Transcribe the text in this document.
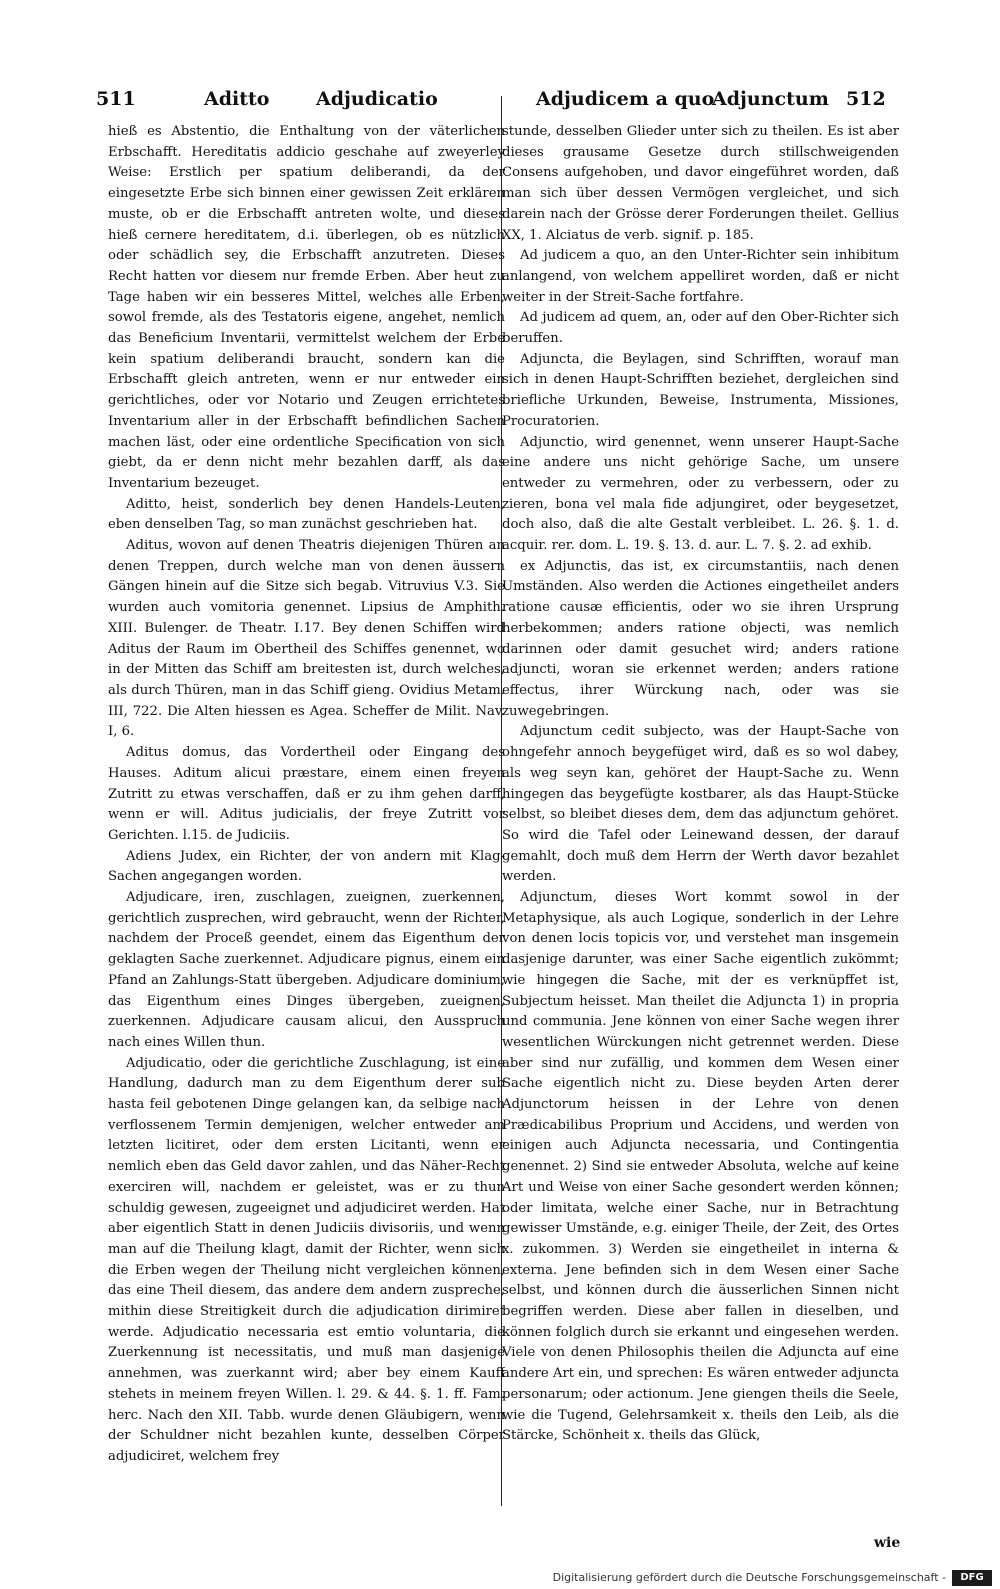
511	Aditto Adjudicatio	Adjudicem a quo
Adjunctum 512

hieß es Abstentio, die Enthaltung von der väterlichen Erbschafft. Hereditatis addicio geschahe auf zweyerley Weise: Erstlich per spatium deliberandi, da der eingesetzte Erbe sich binnen einer gewissen Zeit erklären muste, ob er die Erbschafft antreten wolte, und dieses hieß cernere hereditatem, d.i. überlegen, ob es nützlich oder schädlich sey, die Erbschafft anzutreten. Dieses Recht hatten vor diesem nur fremde Erben. Aber heut zu Tage haben wir ein besseres Mittel, welches alle Erben, sowol fremde, als des Testatoris eigene, angehet, nemlich das Beneficium Inventarii, vermittelst welchem der Erbe kein spatium deliberandi braucht, sondern kan die Erbschafft gleich antreten, wenn er nur entweder ein gerichtliches, oder vor Notario und Zeugen errichtetes Inventarium aller in der Erbschafft befindlichen Sachen machen läst, oder eine ordentliche Specification von sich giebt, da er denn nicht mehr bezahlen darff, als das Inventarium bezeuget.

Aditto, heist, sonderlich bey denen Handels-Leuten, eben denselben Tag, so man zunächst geschrieben hat.

Aditus, wovon auf denen Theatris diejenigen Thüren an denen Treppen, durch welche man von denen äussern Gängen hinein auf die Sitze sich begab. Vitruvius V.3. Sie wurden auch vomitoria genennet. Lipsius de Amphith. XIII. Bulenger. de Theatr. I.17. Bey denen Schiffen wird Aditus der Raum im Obertheil des Schiffes genennet, wo in der Mitten das Schiff am breitesten ist, durch welches, als durch Thüren, man in das Schiff gieng. Ovidius Metam. III, 722. Die Alten hiessen es Agea. Scheffer de Milit. Nav. I, 6.

Aditus domus, das Vordertheil oder Eingang des Hauses. Aditum alicui præstare, einem einen freyen Zutritt zu etwas verschaffen, daß er zu ihm gehen darff, wenn er will. Aditus judicialis, der freye Zutritt vor Gerichten. l.15. de Judiciis.

Adiens Judex, ein Richter, der von andern mit Klag-Sachen angegangen worden.

Adjudicare, iren, zuschlagen, zueignen, zuerkennen, gerichtlich zusprechen, wird gebraucht, wenn der Richter, nachdem der Proceß geendet, einem das Eigenthum der geklagten Sache zuerkennet. Adjudicare pignus, einem ein Pfand an Zahlungs-Statt übergeben. Adjudicare dominium, das Eigenthum eines Dinges übergeben, zueignen, zuerkennen. Adjudicare causam alicui, den Ausspruch nach eines Willen thun.

Adjudicatio, oder die gerichtliche Zuschlagung, ist eine Handlung, dadurch man zu dem Eigenthum derer sub hasta feil gebotenen Dinge gelangen kan, da selbige nach verflossenem Termin demjenigen, welcher entweder am letzten licitiret, oder dem ersten Licitanti, wenn er nemlich eben das Geld davor zahlen, und das Näher-Recht exerciren will, nachdem er geleistet, was er zu thun schuldig gewesen, zugeeignet und adjudiciret werden. Hat aber eigentlich Statt in denen Judiciis divisoriis, und wenn man auf die Theilung klagt, damit der Richter, wenn sich die Erben wegen der Theilung nicht vergleichen können, das eine Theil diesem, das andere dem andern zuspreche, mithin diese Streitigkeit durch die adjudication dirimiret werde. Adjudicatio necessaria est emtio voluntaria, die Zuerkennung ist necessitatis, und muß man dasjenige annehmen, was zuerkannt wird; aber bey einem Kauff stehets in meinem freyen Willen. l. 29. & 44. §. 1. ff. Fam. herc. Nach den XII. Tabb. wurde denen Gläubigern, wenn der Schuldner nicht bezahlen kunte, desselben Cörper adjudiciret, welchem frey

stunde, desselben Glieder unter sich zu theilen. Es ist aber dieses grausame Gesetze durch stillschweigenden Consens aufgehoben, und davor eingeführet worden, daß man sich über dessen Vermögen vergleichet, und sich darein nach der Grösse derer Forderungen theilet. Gellius XX, 1. Alciatus de verb. signif. p. 185.

Ad judicem a quo, an den Unter-Richter sein inhibitum anlangend, von welchem appelliret worden, daß er nicht weiter in der Streit-Sache fortfahre.

Ad judicem ad quem, an, oder auf den Ober-Richter sich beruffen.

Adjuncta, die Beylagen, sind Schrifften, worauf man sich in denen Haupt-Schrifften beziehet, dergleichen sind briefliche Urkunden, Beweise, Instrumenta, Missiones, Procuratorien.

Adjunctio, wird genennet, wenn unserer Haupt-Sache eine andere uns nicht gehörige Sache, um unsere entweder zu vermehren, oder zu verbessern, oder zu zieren, bona vel mala fide adjungiret, oder beygesetzet, doch also, daß die alte Gestalt verbleibet. L. 26. §. 1. d. acquir. rer. dom. L. 19. §. 13. d. aur. L. 7. §. 2. ad exhib.

ex Adjunctis, das ist, ex circumstantiis, nach denen Umständen. Also werden die Actiones eingetheilet anders ratione causæ efficientis, oder wo sie ihren Ursprung herbekommen; anders ratione objecti, was nemlich darinnen oder damit gesuchet wird; anders ratione adjuncti, woran sie erkennet werden; anders ratione effectus, ihrer Würckung nach, oder was sie zuwegebringen.

Adjunctum cedit subjecto, was der Haupt-Sache von ohngefehr annoch beygefüget wird, daß es so wol dabey, als weg seyn kan, gehöret der Haupt-Sache zu. Wenn hingegen das beygefügte kostbarer, als das Haupt-Stücke selbst, so bleibet dieses dem, dem das adjunctum gehöret. So wird die Tafel oder Leinewand dessen, der darauf gemahlt, doch muß dem Herrn der Werth davor bezahlet werden.

Adjunctum, dieses Wort kommt sowol in der Metaphysique, als auch Logique, sonderlich in der Lehre von denen locis topicis vor, und verstehet man insgemein dasjenige darunter, was einer Sache eigentlich zukömmt; wie hingegen die Sache, mit der es verknüpffet ist, Subjectum heisset. Man theilet die Adjuncta 1) in propria und communia. Jene können von einer Sache wegen ihrer wesentlichen Würckungen nicht getrennet werden. Diese aber sind nur zufällig, und kommen dem Wesen einer Sache eigentlich nicht zu. Diese beyden Arten derer Adjunctorum heissen in der Lehre von denen Prædicabilibus Proprium und Accidens, und werden von einigen auch Adjuncta necessaria, und Contingentia genennet. 2) Sind sie entweder Absoluta, welche auf keine Art und Weise von einer Sache gesondert werden können; oder limitata, welche einer Sache, nur in Betrachtung gewisser Umstände, e.g. einiger Theile, der Zeit, des Ortes x. zukommen. 3) Werden sie eingetheilet in interna & externa. Jene befinden sich in dem Wesen einer Sache selbst, und können durch die äusserlichen Sinnen nicht begriffen werden. Diese aber fallen in dieselben, und können folglich durch sie erkannt und eingesehen werden. Viele von denen Philosophis theilen die Adjuncta auf eine andere Art ein, und sprechen: Es wären entweder adjuncta personarum; oder actionum. Jene giengen theils die Seele, wie die Tugend, Gelehrsamkeit x. theils den Leib, als die Stärcke, Schönheit x. theils das Glück,

wie
Digitalisierung gefördert durch die Deutsche Forschungsgemeinschaft -	DFG
